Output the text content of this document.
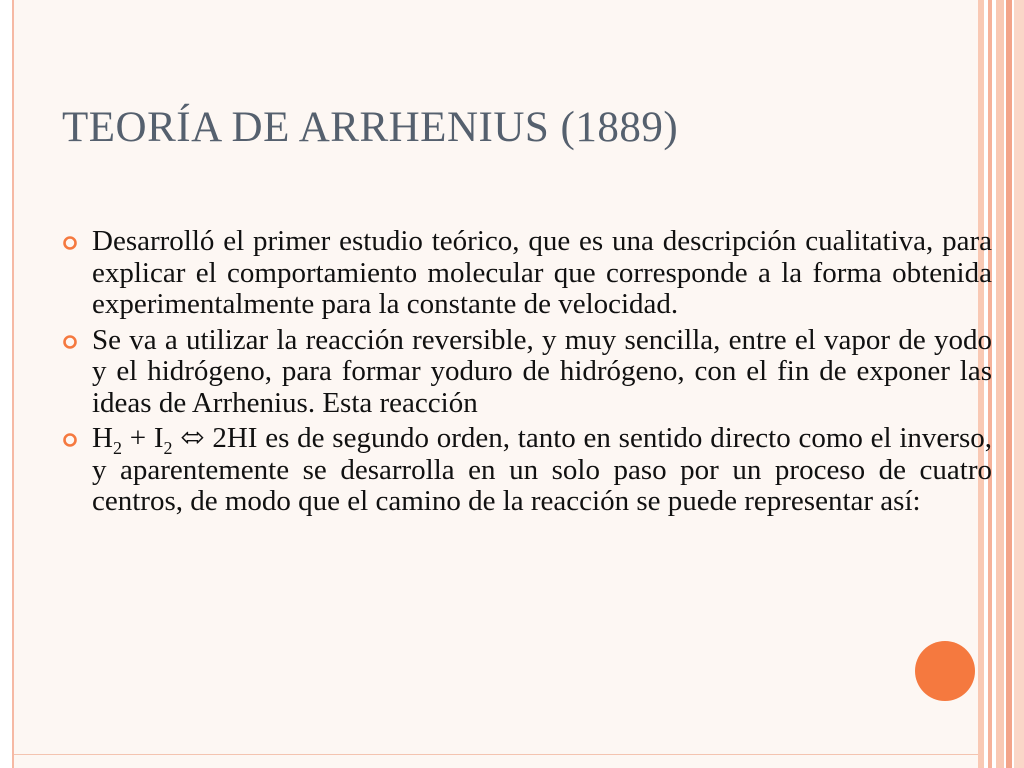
TEORÍA DE ARRHENIUS (1889)
Desarrolló el primer estudio teórico, que es una descripción cualitativa, para explicar el comportamiento molecular que corresponde a la forma obtenida experimentalmente para la constante de velocidad.
Se va a utilizar la reacción reversible, y muy sencilla, entre el vapor de yodo y el hidrógeno, para formar yoduro de hidrógeno, con el fin de exponer las ideas de Arrhenius. Esta reacción
$H_2 + I_2$ ⬄ 2HI es de segundo orden, tanto en sentido directo como el inverso, y aparentemente se desarrolla en un solo paso por un proceso de cuatro centros, de modo que el camino de la reacción se puede representar así:
